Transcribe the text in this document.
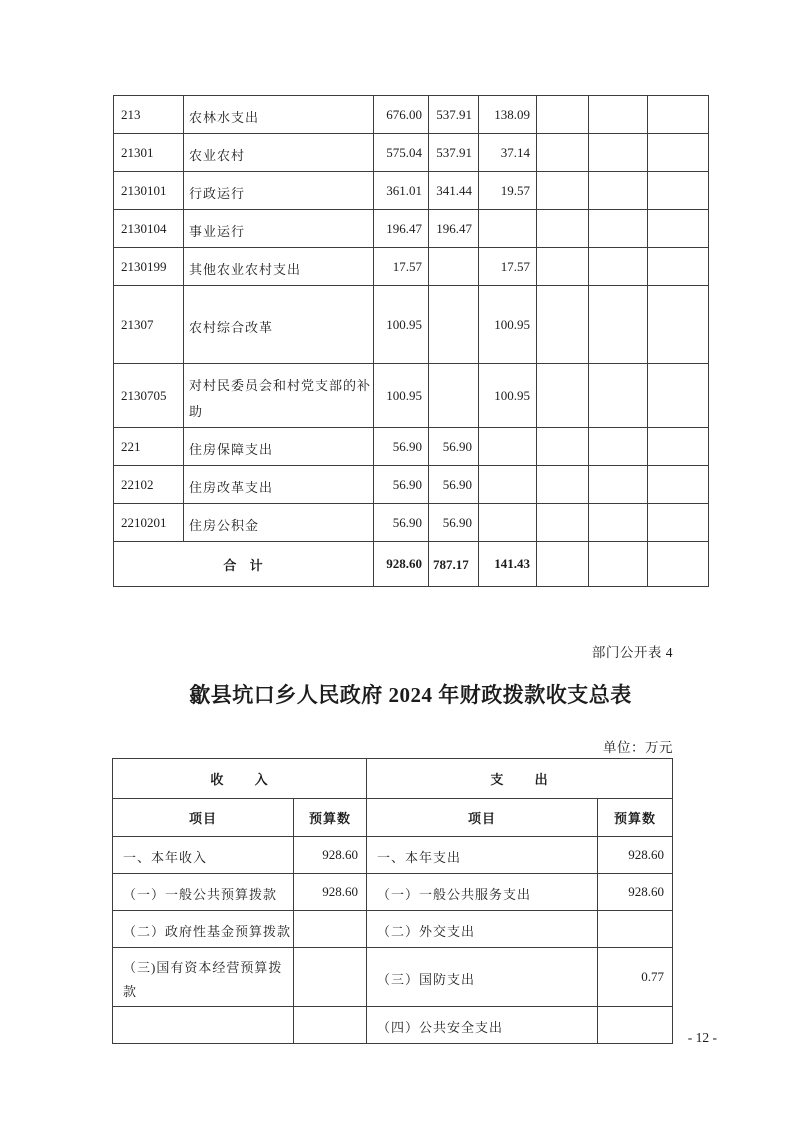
213	农林水支出	676.00	537.91	138.09			
21301	农业农村	575.04	537.91	37.14			
2130101	行政运行	361.01	341.44	19.57			
2130104	事业运行	196.47	196.47				
2130199	其他农业农村支出	17.57		17.57			
21307	农村综合改革	100.95		100.95			
2130705	对村民委员会和村党支部的补助	100.95		100.95			
221	住房保障支出	56.90	56.90				
22102	住房改革支出	56.90	56.90				
2210201	住房公积金	56.90	56.90				
合 计		928.60	787.17	141.43			
部门公开表 4
歙县坑口乡人民政府 2024 年财政拨款收支总表
单位：万元
收 入		支 出	
项目	预算数	项目	预算数
一、本年收入	928.60	一、本年支出	928.60
（一）一般公共预算拨款	928.60	（一）一般公共服务支出	928.60
（二）政府性基金预算拨款		（二）外交支出	
（三)国有资本经营预算拨款		（三）国防支出	0.77
		（四）公共安全支出	
- 12 -
